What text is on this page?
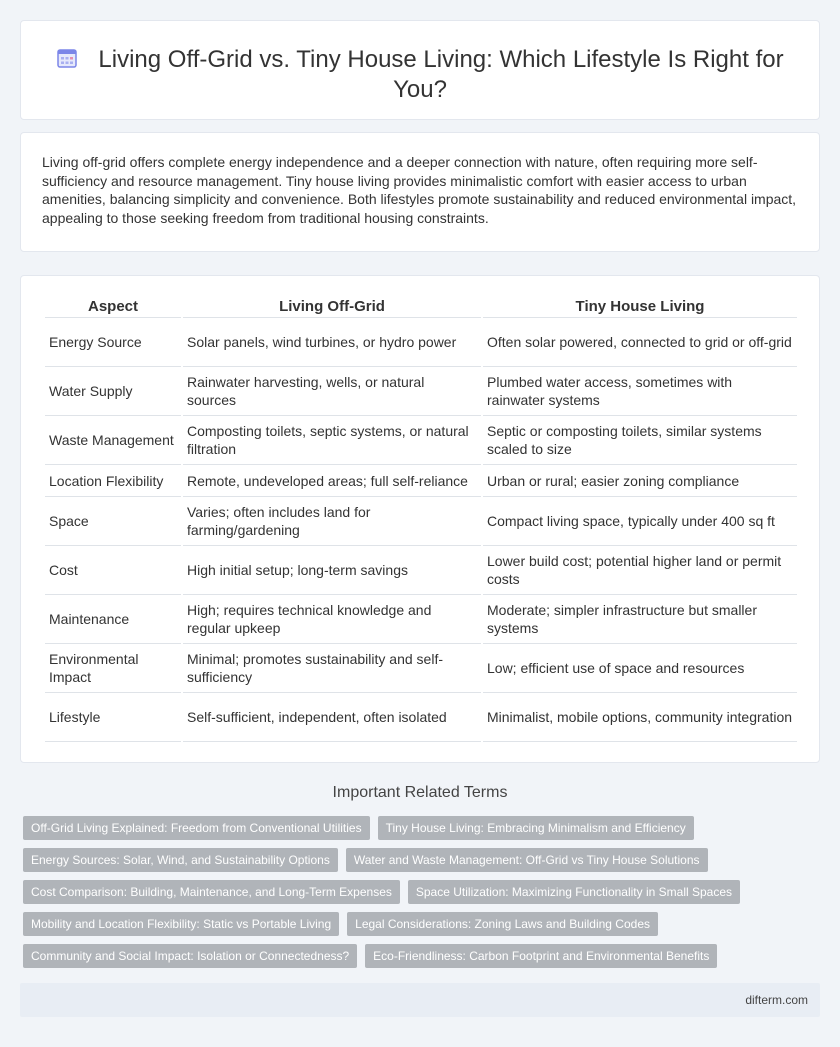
Living Off-Grid vs. Tiny House Living: Which Lifestyle Is Right for You?

Living off-grid offers complete energy independence and a deeper connection with nature, often requiring more self-sufficiency and resource management. Tiny house living provides minimalistic comfort with easier access to urban amenities, balancing simplicity and convenience. Both lifestyles promote sustainability and reduced environmental impact, appealing to those seeking freedom from traditional housing constraints.

Aspect	Living Off-Grid	Tiny House Living
Energy Source	Solar panels, wind turbines, or hydro power	Often solar powered, connected to grid or off-grid
Water Supply	Rainwater harvesting, wells, or natural sources	Plumbed water access, sometimes with rainwater systems
Waste Management	Composting toilets, septic systems, or natural filtration	Septic or composting toilets, similar systems scaled to size
Location Flexibility	Remote, undeveloped areas; full self-reliance	Urban or rural; easier zoning compliance
Space	Varies; often includes land for farming/gardening	Compact living space, typically under 400 sq ft
Cost	High initial setup; long-term savings	Lower build cost; potential higher land or permit costs
Maintenance	High; requires technical knowledge and regular upkeep	Moderate; simpler infrastructure but smaller systems
Environmental Impact	Minimal; promotes sustainability and self-sufficiency	Low; efficient use of space and resources
Lifestyle	Self-sufficient, independent, often isolated	Minimalist, mobile options, community integration
Important Related Terms
Off-Grid Living Explained: Freedom from Conventional Utilities	Tiny House Living: Embracing Minimalism and Efficiency
Energy Sources: Solar, Wind, and Sustainability Options	Water and Waste Management: Off-Grid vs Tiny House Solutions
Cost Comparison: Building, Maintenance, and Long-Term Expenses	Space Utilization: Maximizing Functionality in Small Spaces
Mobility and Location Flexibility: Static vs Portable Living	Legal Considerations: Zoning Laws and Building Codes
Community and Social Impact: Isolation or Connectedness?	Eco-Friendliness: Carbon Footprint and Environmental Benefits
difterm.com
